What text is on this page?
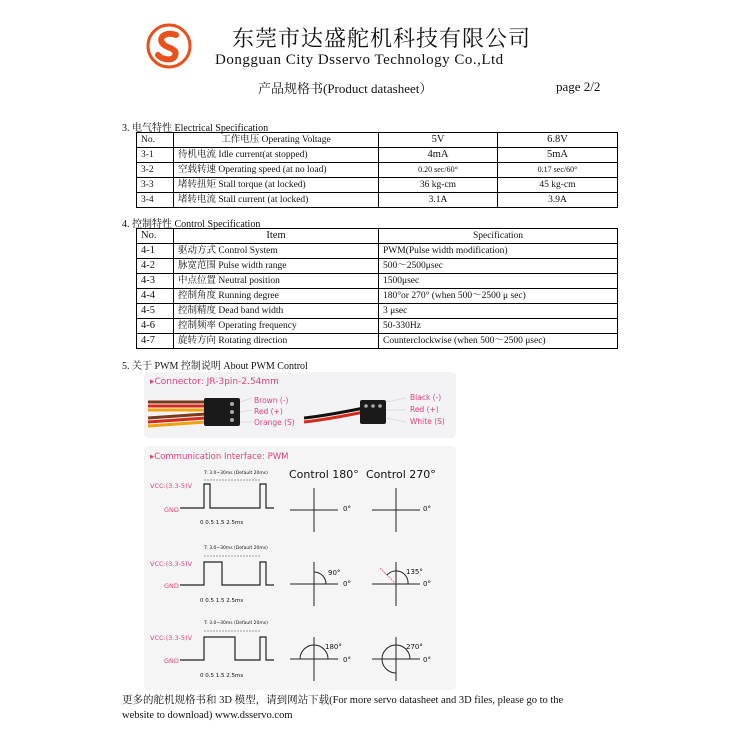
东莞市达盛舵机科技有限公司
Dongguan City Dsservo Technology Co.,Ltd
产品规格书(Product datasheet）	page 2/2
3. 电气特性 Electrical Specification
No.	工作电压 Operating Voltage	5V	6.8V
3-1	待机电流 Idle current(at stopped)	4mA	5mA
3-2	空载转速 Operating speed (at no load)	0.20 sec/60°	0.17 sec/60°
3-3	堵转扭矩 Stall torque (at locked)	36 kg-cm	45 kg-cm
3-4	堵转电流 Stall current (at locked)	3.1A	3.9A
4. 控制特性 Control Specification
No.	Item	Specification
4-1	驱动方式 Control System	PWM(Pulse width modification)
4-2	脉宽范围 Pulse width range	500～2500μsec
4-3	中点位置 Neutral position	1500μsec
4-4	控制角度 Running degree	180°or 270° (when 500～2500 μ sec)
4-5	控制精度 Dead band width	3 μsec
4-6	控制频率 Operating frequency	50-330Hz
4-7	旋转方向 Rotating direction	Counterclockwise (when 500～2500 μsec)
5. 关于 PWM 控制说明 About PWM Control
▸Connector: JR-3pin-2.54mm
Brown (-)
Red (+)
Orange (S)
Black (-)
Red (+)
White (S)
▸Communication Interface: PWM
Control 180° Control 270°
VCC:(3.3-5)V
GND
T: 3.0~30ms (Default 20ms)
0 0.5 1.5 2.5ms
0°	0°
VCC:(3.3-5)V
GND
T: 3.0~30ms (Default 20ms)
0 0.5 1.5 2.5ms
90°
0°
135°
0°
VCC:(3.3-5)V
GND
T: 3.0~30ms (Default 20ms)
0 0.5 1.5 2.5ms
180°
0°
270°
0°
更多的舵机规格书和 3D 模型，请到网站下载(For more servo datasheet and 3D files, please go to the
website to download) www.dsservo.com
